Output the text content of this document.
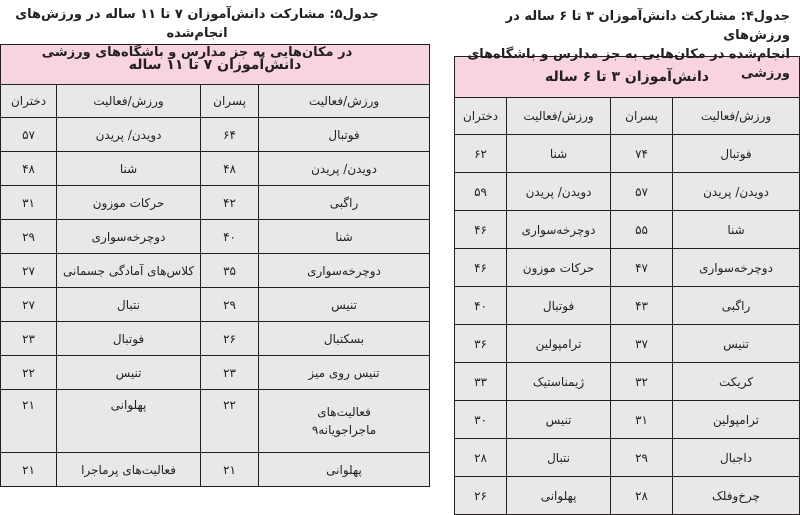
جدول۵: مشارکت دانش‌آموزان ۷ تا ۱۱ ساله در ورزش‌های انجام‌شده
در مکان‌هایی به جز مدارس و باشگاه‌های ورزشی
دانش‌آموزان ۷ تا ۱۱ ساله			
ورزش/فعالیت	پسران	ورزش/فعالیت	دختران
فوتبال	۶۴	دویدن/ پریدن	۵۷
دویدن/ پریدن	۴۸	شنا	۴۸
راگبی	۴۲	حرکات موزون	۳۱
شنا	۴۰	دوچرخه‌سواری	۲۹
دوچرخه‌سواری	۳۵	کلاس‌های آمادگی جسمانی	۲۷
تنیس	۲۹	نتبال	۲۷
بسکتبال	۲۶	فوتبال	۲۳
تنیس روی میز	۲۳	تنیس	۲۲

فعالیت‌های
ماجراجویانه۹	۲۲	پهلوانی	۲۱
پهلوانی	۲۱	فعالیت‌های پرماجرا	۲۱
جدول۴: مشارکت دانش‌آموزان ۳ تا ۶ ساله در ورزش‌های
انجام‌شده در مکان‌هایی به جز مدارس و باشگاه‌های ورزشی
دانش‌آموزان ۳ تا ۶ ساله			
ورزش/فعالیت	پسران	ورزش/فعالیت	دختران
فوتبال	۷۴	شنا	۶۲
دویدن/ پریدن	۵۷	دویدن/ پریدن	۵۹
شنا	۵۵	دوچرخه‌سواری	۴۶
دوچرخه‌سواری	۴۷	حرکات موزون	۴۶
راگبی	۴۳	فوتبال	۴۰
تنیس	۳۷	ترامپولین	۳۶
کریکت	۳۲	ژیمناستیک	۳۳
ترامپولین	۳۱	تنیس	۳۰
داجبال	۲۹	نتبال	۲۸
چرخ‌وفلک	۲۸	پهلوانی	۲۶
